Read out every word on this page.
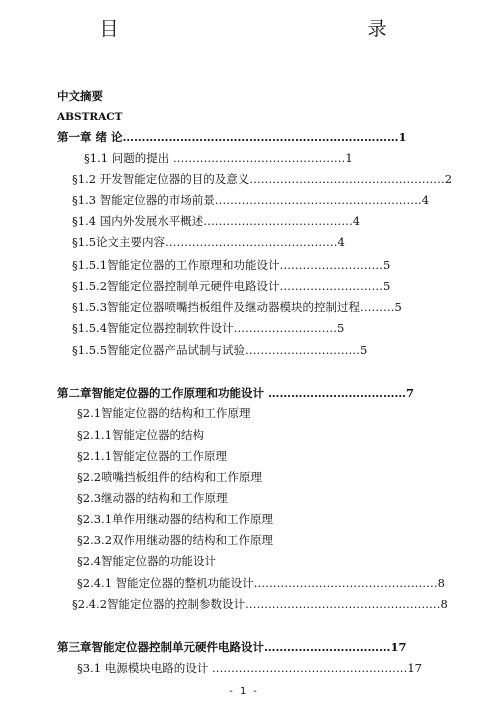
目　　　录
中文摘要
ABSTRACT
第一章 绪 论………………………………………………………………1
§1.1 问题的提出 ………………………………………1
§1.2 开发智能定位器的目的及意义……………………………………………2
§1.3 智能定位器的市场前景………………………………………………4
§1.4 国内外发展水平概述…………………………………4
§1.5论文主要内容………………………………………4
§1.5.1智能定位器的工作原理和功能设计………………………5
§1.5.2智能定位器控制单元硬件电路设计………………………5
§1.5.3智能定位器喷嘴挡板组件及继动器模块的控制过程………5
§1.5.4智能定位器控制软件设计………………………5
§1.5.5智能定位器产品试制与试验…………………………5
第二章智能定位器的工作原理和功能设计 ………………………………7
§2.1智能定位器的结构和工作原理
§2.1.1智能定位器的结构
§2.1.1智能定位器的工作原理
§2.2喷嘴挡板组件的结构和工作原理
§2.3继动器的结构和工作原理
§2.3.1单作用继动器的结构和工作原理
§2.3.2双作用继动器的结构和工作原理
§2.4智能定位器的功能设计
§2.4.1 智能定位器的整机功能设计…………………………………………8
§2.4.2智能定位器的控制参数设计……………………………………………8
第三章智能定位器控制单元硬件电路设计……………………………17
§3.1 电源模块电路的设计 ……………………………………………17
- 1 -
